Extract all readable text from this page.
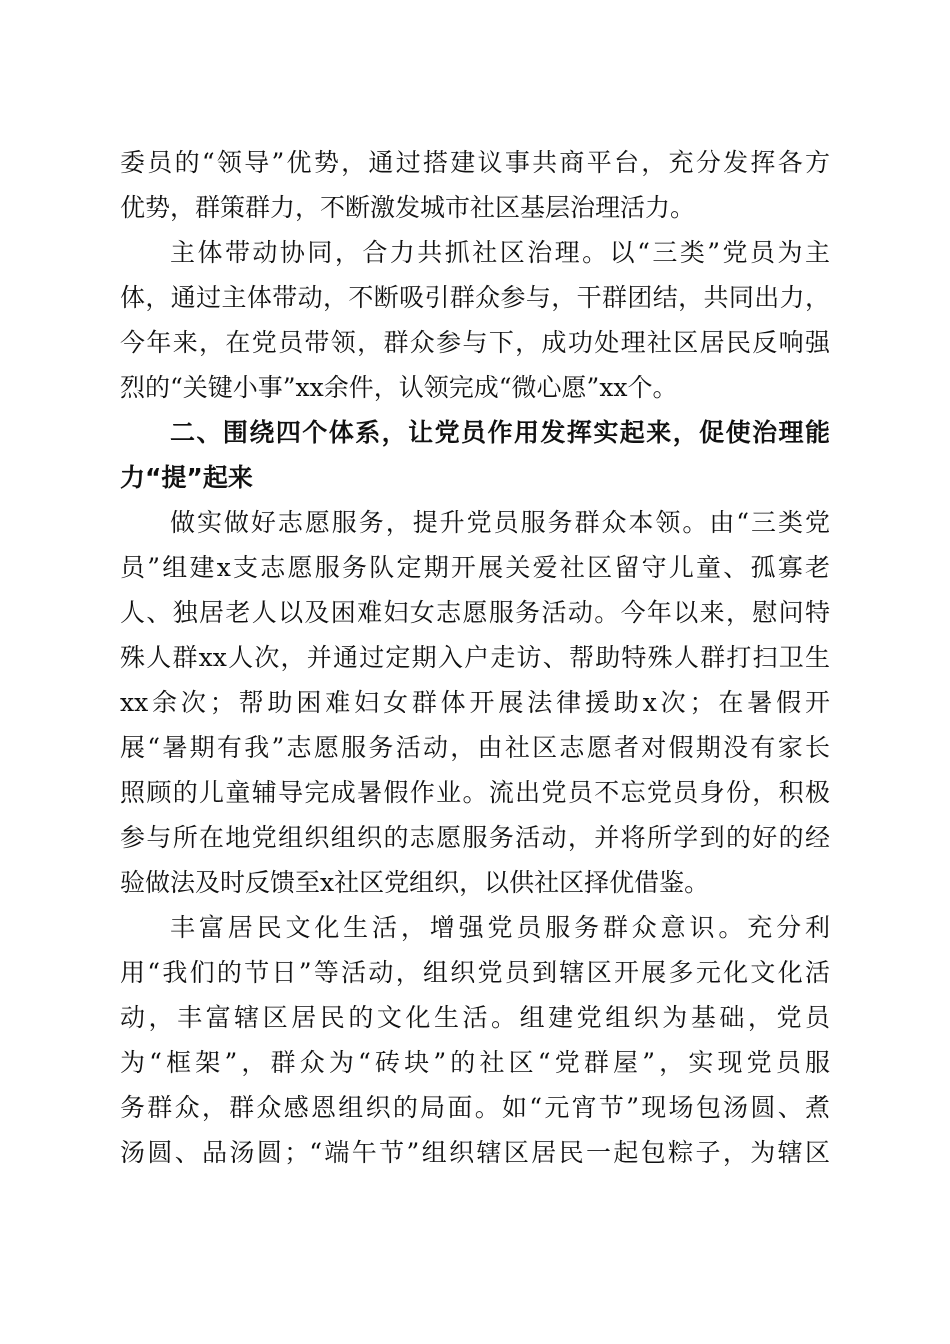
委员的“领导”优势，通过搭建议事共商平台，充分发挥各方
优势，群策群力，不断激发城市社区基层治理活力。
主体带动协同，合力共抓社区治理。以“三类”党员为主
体，通过主体带动，不断吸引群众参与，干群团结，共同出力，
今年来，在党员带领，群众参与下，成功处理社区居民反响强
烈的“关键小事”xx余件，认领完成“微心愿”xx个。
二、围绕四个体系，让党员作用发挥实起来，促使治理能
力“提”起来
做实做好志愿服务，提升党员服务群众本领。由“三类党
员”组建x支志愿服务队定期开展关爱社区留守儿童、孤寡老
人、独居老人以及困难妇女志愿服务活动。今年以来，慰问特
殊人群xx人次，并通过定期入户走访、帮助特殊人群打扫卫生
xx余次；帮助困难妇女群体开展法律援助x次；在暑假开
展“暑期有我”志愿服务活动，由社区志愿者对假期没有家长
照顾的儿童辅导完成暑假作业。流出党员不忘党员身份，积极
参与所在地党组织组织的志愿服务活动，并将所学到的好的经
验做法及时反馈至x社区党组织，以供社区择优借鉴。
丰富居民文化生活，增强党员服务群众意识。充分利
用“我们的节日”等活动，组织党员到辖区开展多元化文化活
动，丰富辖区居民的文化生活。组建党组织为基础，党员
为“框架”，群众为“砖块”的社区“党群屋”，实现党员服
务群众，群众感恩组织的局面。如“元宵节”现场包汤圆、煮
汤圆、品汤圆；“端午节”组织辖区居民一起包粽子，为辖区
